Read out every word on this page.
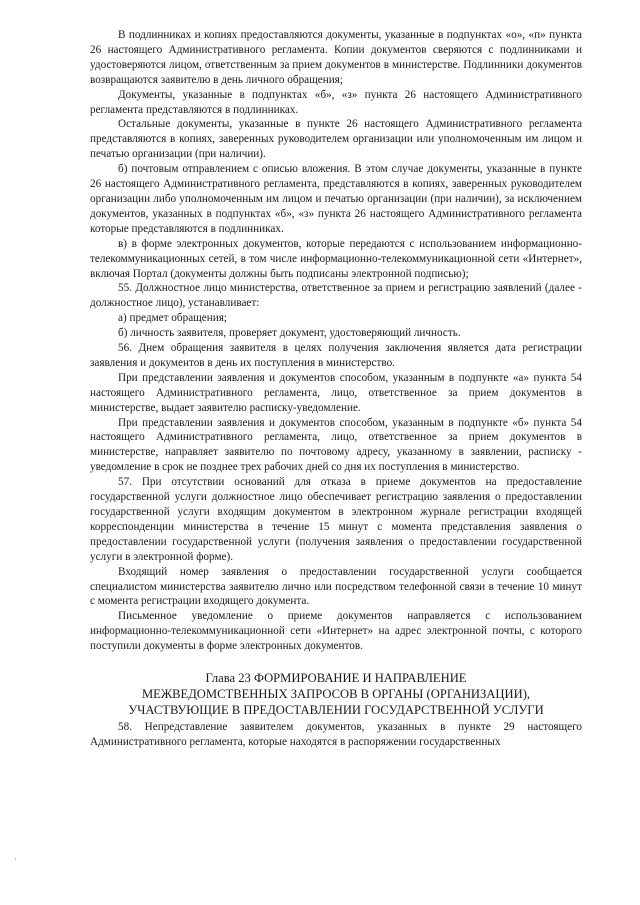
В подлинниках и копиях предоставляются документы, указанные в подпунктах «о», «п» пункта 26 настоящего Административного регламента. Копии документов сверяются с подлинниками и удостоверяются лицом, ответственным за прием документов в министерстве. Подлинники документов возвращаются заявителю в день личного обращения;

Документы, указанные в подпунктах «б», «з» пункта 26 настоящего Административного регламента представляются в подлинниках.

Остальные документы, указанные в пункте 26 настоящего Административного регламента представляются в копиях, заверенных руководителем организации или уполномоченным им лицом и печатью организации (при наличии).

б) почтовым отправлением с описью вложения. В этом случае документы, указанные в пункте 26 настоящего Административного регламента, представляются в копиях, заверенных руководителем организации либо уполномоченным им лицом и печатью организации (при наличии), за исключением документов, указанных в подпунктах «б», «з» пункта 26 настоящего Административного регламента которые представляются в подлинниках.

в) в форме электронных документов, которые передаются с использованием информационно-телекоммуникационных сетей, в том числе информационно-телекоммуникационной сети «Интернет», включая Портал (документы должны быть подписаны электронной подписью);

55. Должностное лицо министерства, ответственное за прием и регистрацию заявлений (далее - должностное лицо), устанавливает:

а) предмет обращения;

б) личность заявителя, проверяет документ, удостоверяющий личность.

56. Днем обращения заявителя в целях получения заключения является дата регистрации заявления и документов в день их поступления в министерство.

При представлении заявления и документов способом, указанным в подпункте «а» пункта 54 настоящего Административного регламента, лицо, ответственное за прием документов в министерстве, выдает заявителю расписку-уведомление.

При представлении заявления и документов способом, указанным в подпункте «б» пункта 54 настоящего Административного регламента, лицо, ответственное за прием документов в министерстве, направляет заявителю по почтовому адресу, указанному в заявлении, расписку - уведомление в срок не позднее трех рабочих дней со дня их поступления в министерство.

57. При отсутствии оснований для отказа в приеме документов на предоставление государственной услуги должностное лицо обеспечивает регистрацию заявления о предоставлении государственной услуги входящим документом в электронном журнале регистрации входящей корреспонденции министерства в течение 15 минут с момента представления заявления о предоставлении государственной услуги (получения заявления о предоставлении государственной услуги в электронной форме).

Входящий номер заявления о предоставлении государственной услуги сообщается специалистом министерства заявителю лично или посредством телефонной связи в течение 10 минут с момента регистрации входящего документа.

Письменное уведомление о приеме документов направляется с использованием информационно-телекоммуникационной сети «Интернет» на адрес электронной почты, с которого поступили документы в форме электронных документов.

Глава 23 ФОРМИРОВАНИЕ И НАПРАВЛЕНИЕ
МЕЖВЕДОМСТВЕННЫХ ЗАПРОСОВ В ОРГАНЫ (ОРГАНИЗАЦИИ),
УЧАСТВУЮЩИЕ В ПРЕДОСТАВЛЕНИИ ГОСУДАРСТВЕННОЙ УСЛУГИ

58. Непредставление заявителем документов, указанных в пункте 29 настоящего Административного регламента, которые находятся в распоряжении государственных

·
